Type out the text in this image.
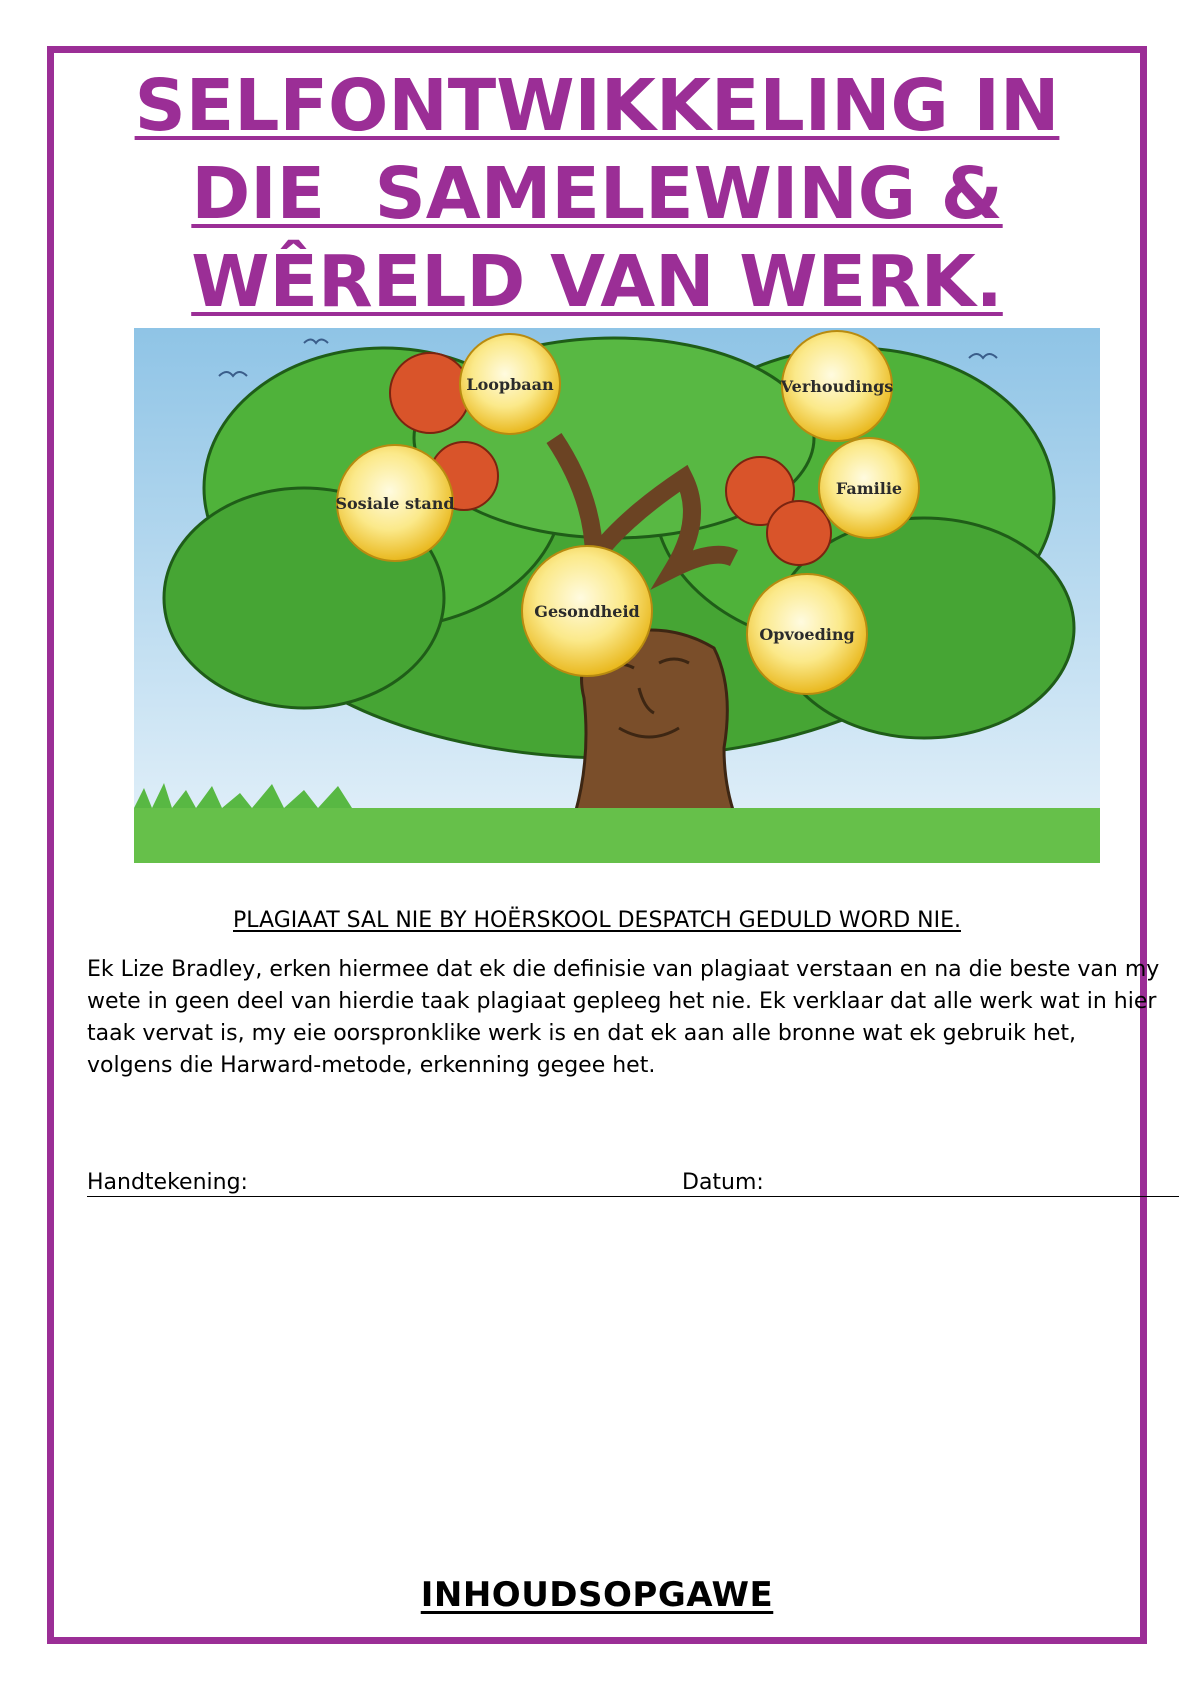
SELFONTWIKKELING IN
DIE  SAMELEWING &
WÊRELD VAN WERK.
Loopbaan	Verhoudings
Sosiale stand
Familie
Gesondheid
Opvoeding
PLAGIAAT SAL NIE BY HOËRSKOOL DESPATCH GEDULD WORD NIE.

Ek Lize Bradley, erken hiermee dat ek die definisie van plagiaat verstaan en na die beste van my wete in geen deel van hierdie taak plagiaat gepleeg het nie. Ek verklaar dat alle werk wat in hier taak vervat is, my eie oorspronklike werk is en dat ek aan alle bronne wat ek gebruik het, volgens die Harward-metode, erkenning gegee het.

Handtekening:	Datum:
INHOUDSOPGAWE
